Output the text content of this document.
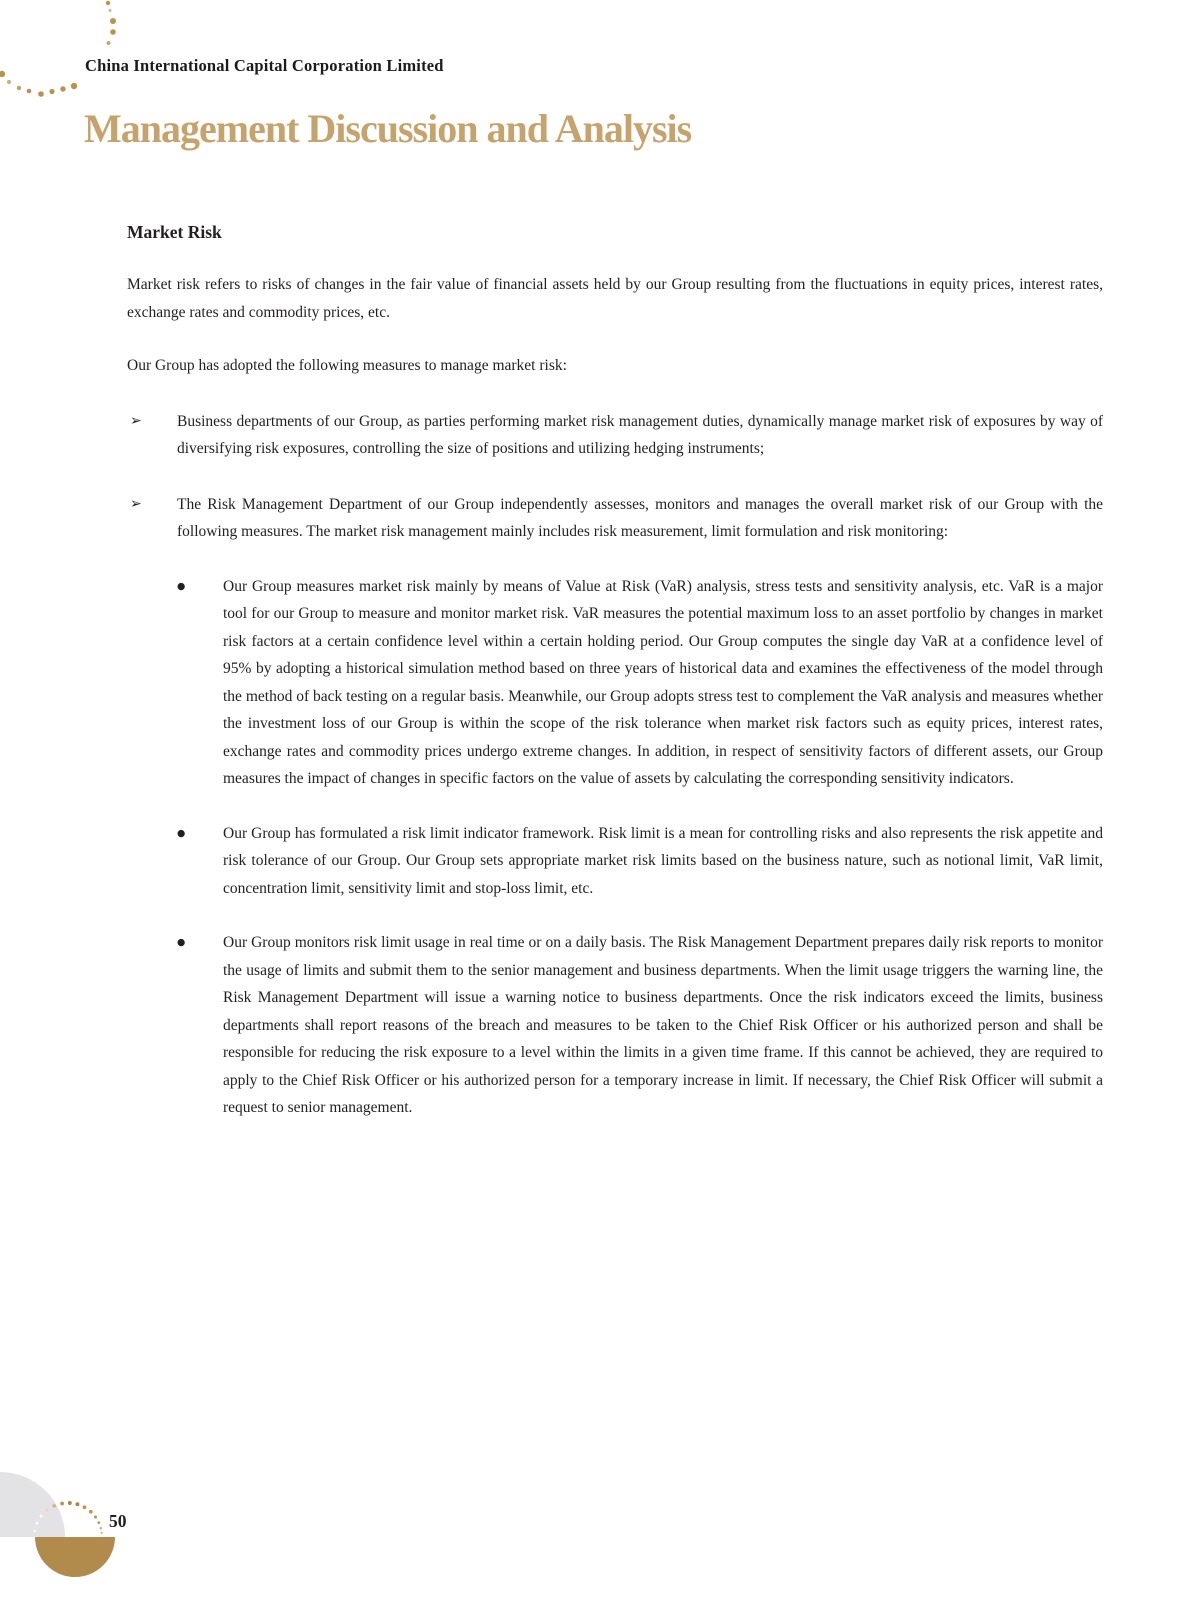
China International Capital Corporation Limited
Management Discussion and Analysis
Market Risk

Market risk refers to risks of changes in the fair value of financial assets held by our Group resulting from the fluctuations in equity prices, interest rates, exchange rates and commodity prices, etc.

Our Group has adopted the following measures to manage market risk:

➢ Business departments of our Group, as parties performing market risk management duties, dynamically manage market risk of exposures by way of diversifying risk exposures, controlling the size of positions and utilizing hedging instruments;
➢ The Risk Management Department of our Group independently assesses, monitors and manages the overall market risk of our Group with the following measures. The market risk management mainly includes risk measurement, limit formulation and risk monitoring:
● Our Group measures market risk mainly by means of Value at Risk (VaR) analysis, stress tests and sensitivity analysis, etc. VaR is a major tool for our Group to measure and monitor market risk. VaR measures the potential maximum loss to an asset portfolio by changes in market risk factors at a certain confidence level within a certain holding period. Our Group computes the single day VaR at a confidence level of 95% by adopting a historical simulation method based on three years of historical data and examines the effectiveness of the model through the method of back testing on a regular basis. Meanwhile, our Group adopts stress test to complement the VaR analysis and measures whether the investment loss of our Group is within the scope of the risk tolerance when market risk factors such as equity prices, interest rates, exchange rates and commodity prices undergo extreme changes. In addition, in respect of sensitivity factors of different assets, our Group measures the impact of changes in specific factors on the value of assets by calculating the corresponding sensitivity indicators.
● Our Group has formulated a risk limit indicator framework. Risk limit is a mean for controlling risks and also represents the risk appetite and risk tolerance of our Group. Our Group sets appropriate market risk limits based on the business nature, such as notional limit, VaR limit, concentration limit, sensitivity limit and stop-loss limit, etc.
● Our Group monitors risk limit usage in real time or on a daily basis. The Risk Management Department prepares daily risk reports to monitor the usage of limits and submit them to the senior management and business departments. When the limit usage triggers the warning line, the Risk Management Department will issue a warning notice to business departments. Once the risk indicators exceed the limits, business departments shall report reasons of the breach and measures to be taken to the Chief Risk Officer or his authorized person and shall be responsible for reducing the risk exposure to a level within the limits in a given time frame. If this cannot be achieved, they are required to apply to the Chief Risk Officer or his authorized person for a temporary increase in limit. If necessary, the Chief Risk Officer will submit a request to senior management.
50
